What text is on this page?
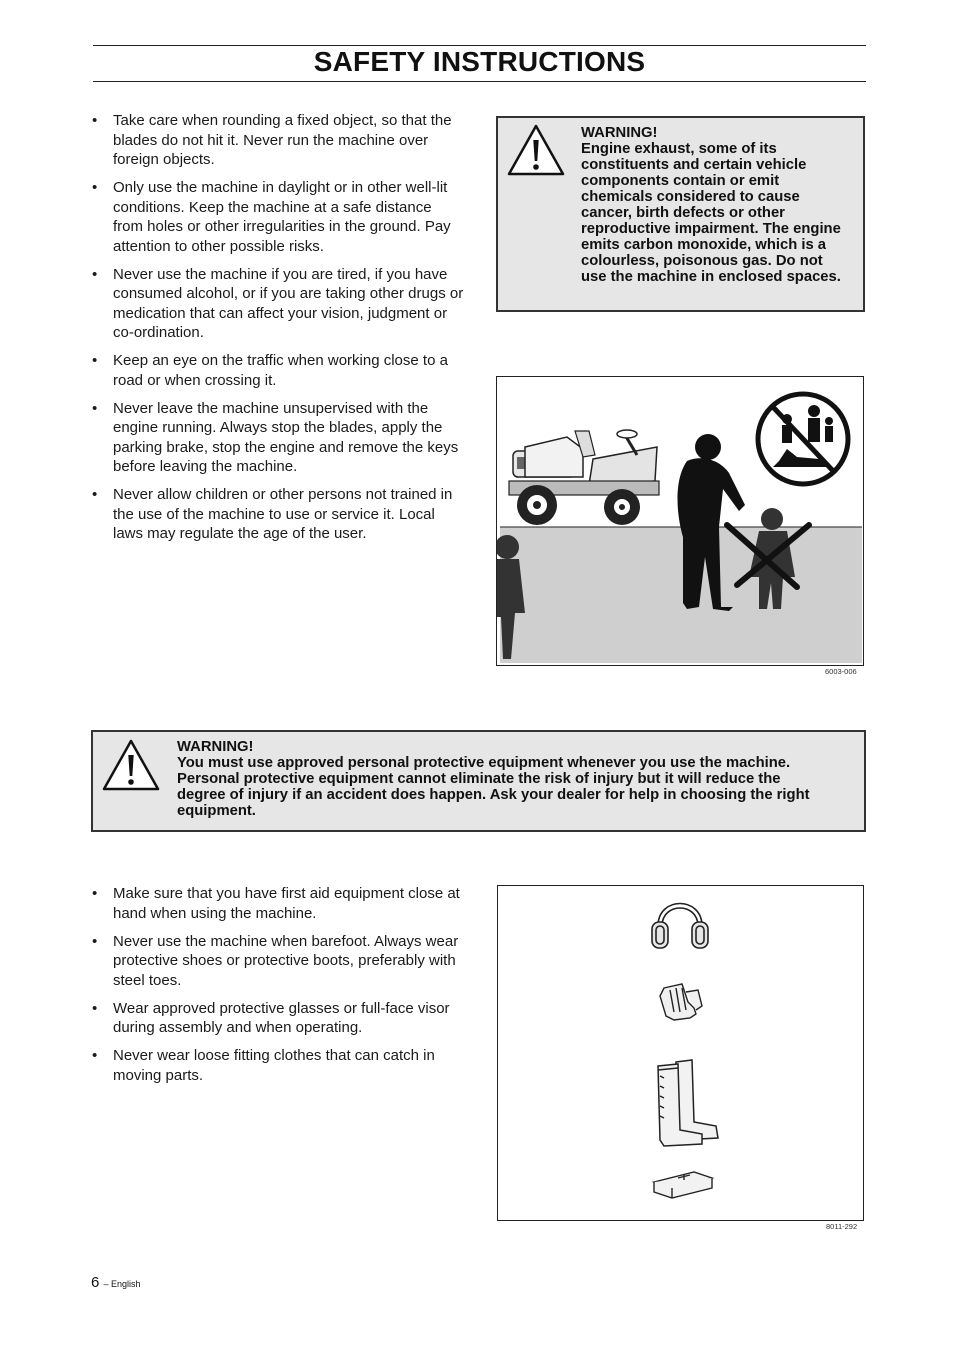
SAFETY INSTRUCTIONS
• Take care when rounding a fixed object, so that the blades do not hit it. Never run the machine over foreign objects.
• Only use the machine in daylight or in other well-lit conditions. Keep the machine at a safe distance from holes or other irregularities in the ground. Pay attention to other possible risks.
• Never use the machine if you are tired, if you have consumed alcohol, or if you are taking other drugs or medication that can affect your vision, judgment or co-ordination.
• Keep an eye on the traffic when working close to a road or when crossing it.
• Never leave the machine unsupervised with the engine running. Always stop the blades, apply the parking brake, stop the engine and remove the keys before leaving the machine.
• Never allow children or other persons not trained in the use of the machine to use or service it. Local laws may regulate the age of the user.
WARNING!
Engine exhaust, some of its constituents and certain vehicle components contain or emit chemicals considered to cause cancer, birth defects or other reproductive impairment. The engine emits carbon monoxide, which is a colourless, poisonous gas. Do not use the machine in enclosed spaces.
6003-006
WARNING!
You must use approved personal protective equipment whenever you use the machine. Personal protective equipment cannot eliminate the risk of injury but it will reduce the degree of injury if an accident does happen. Ask your dealer for help in choosing the right equipment.
• Make sure that you have first aid equipment close at hand when using the machine.
• Never use the machine when barefoot. Always wear protective shoes or protective boots, preferably with steel toes.
• Wear approved protective glasses or full-face visor during assembly and when operating.
• Never wear loose fitting clothes that can catch in moving parts.
8011-292
6 – English
